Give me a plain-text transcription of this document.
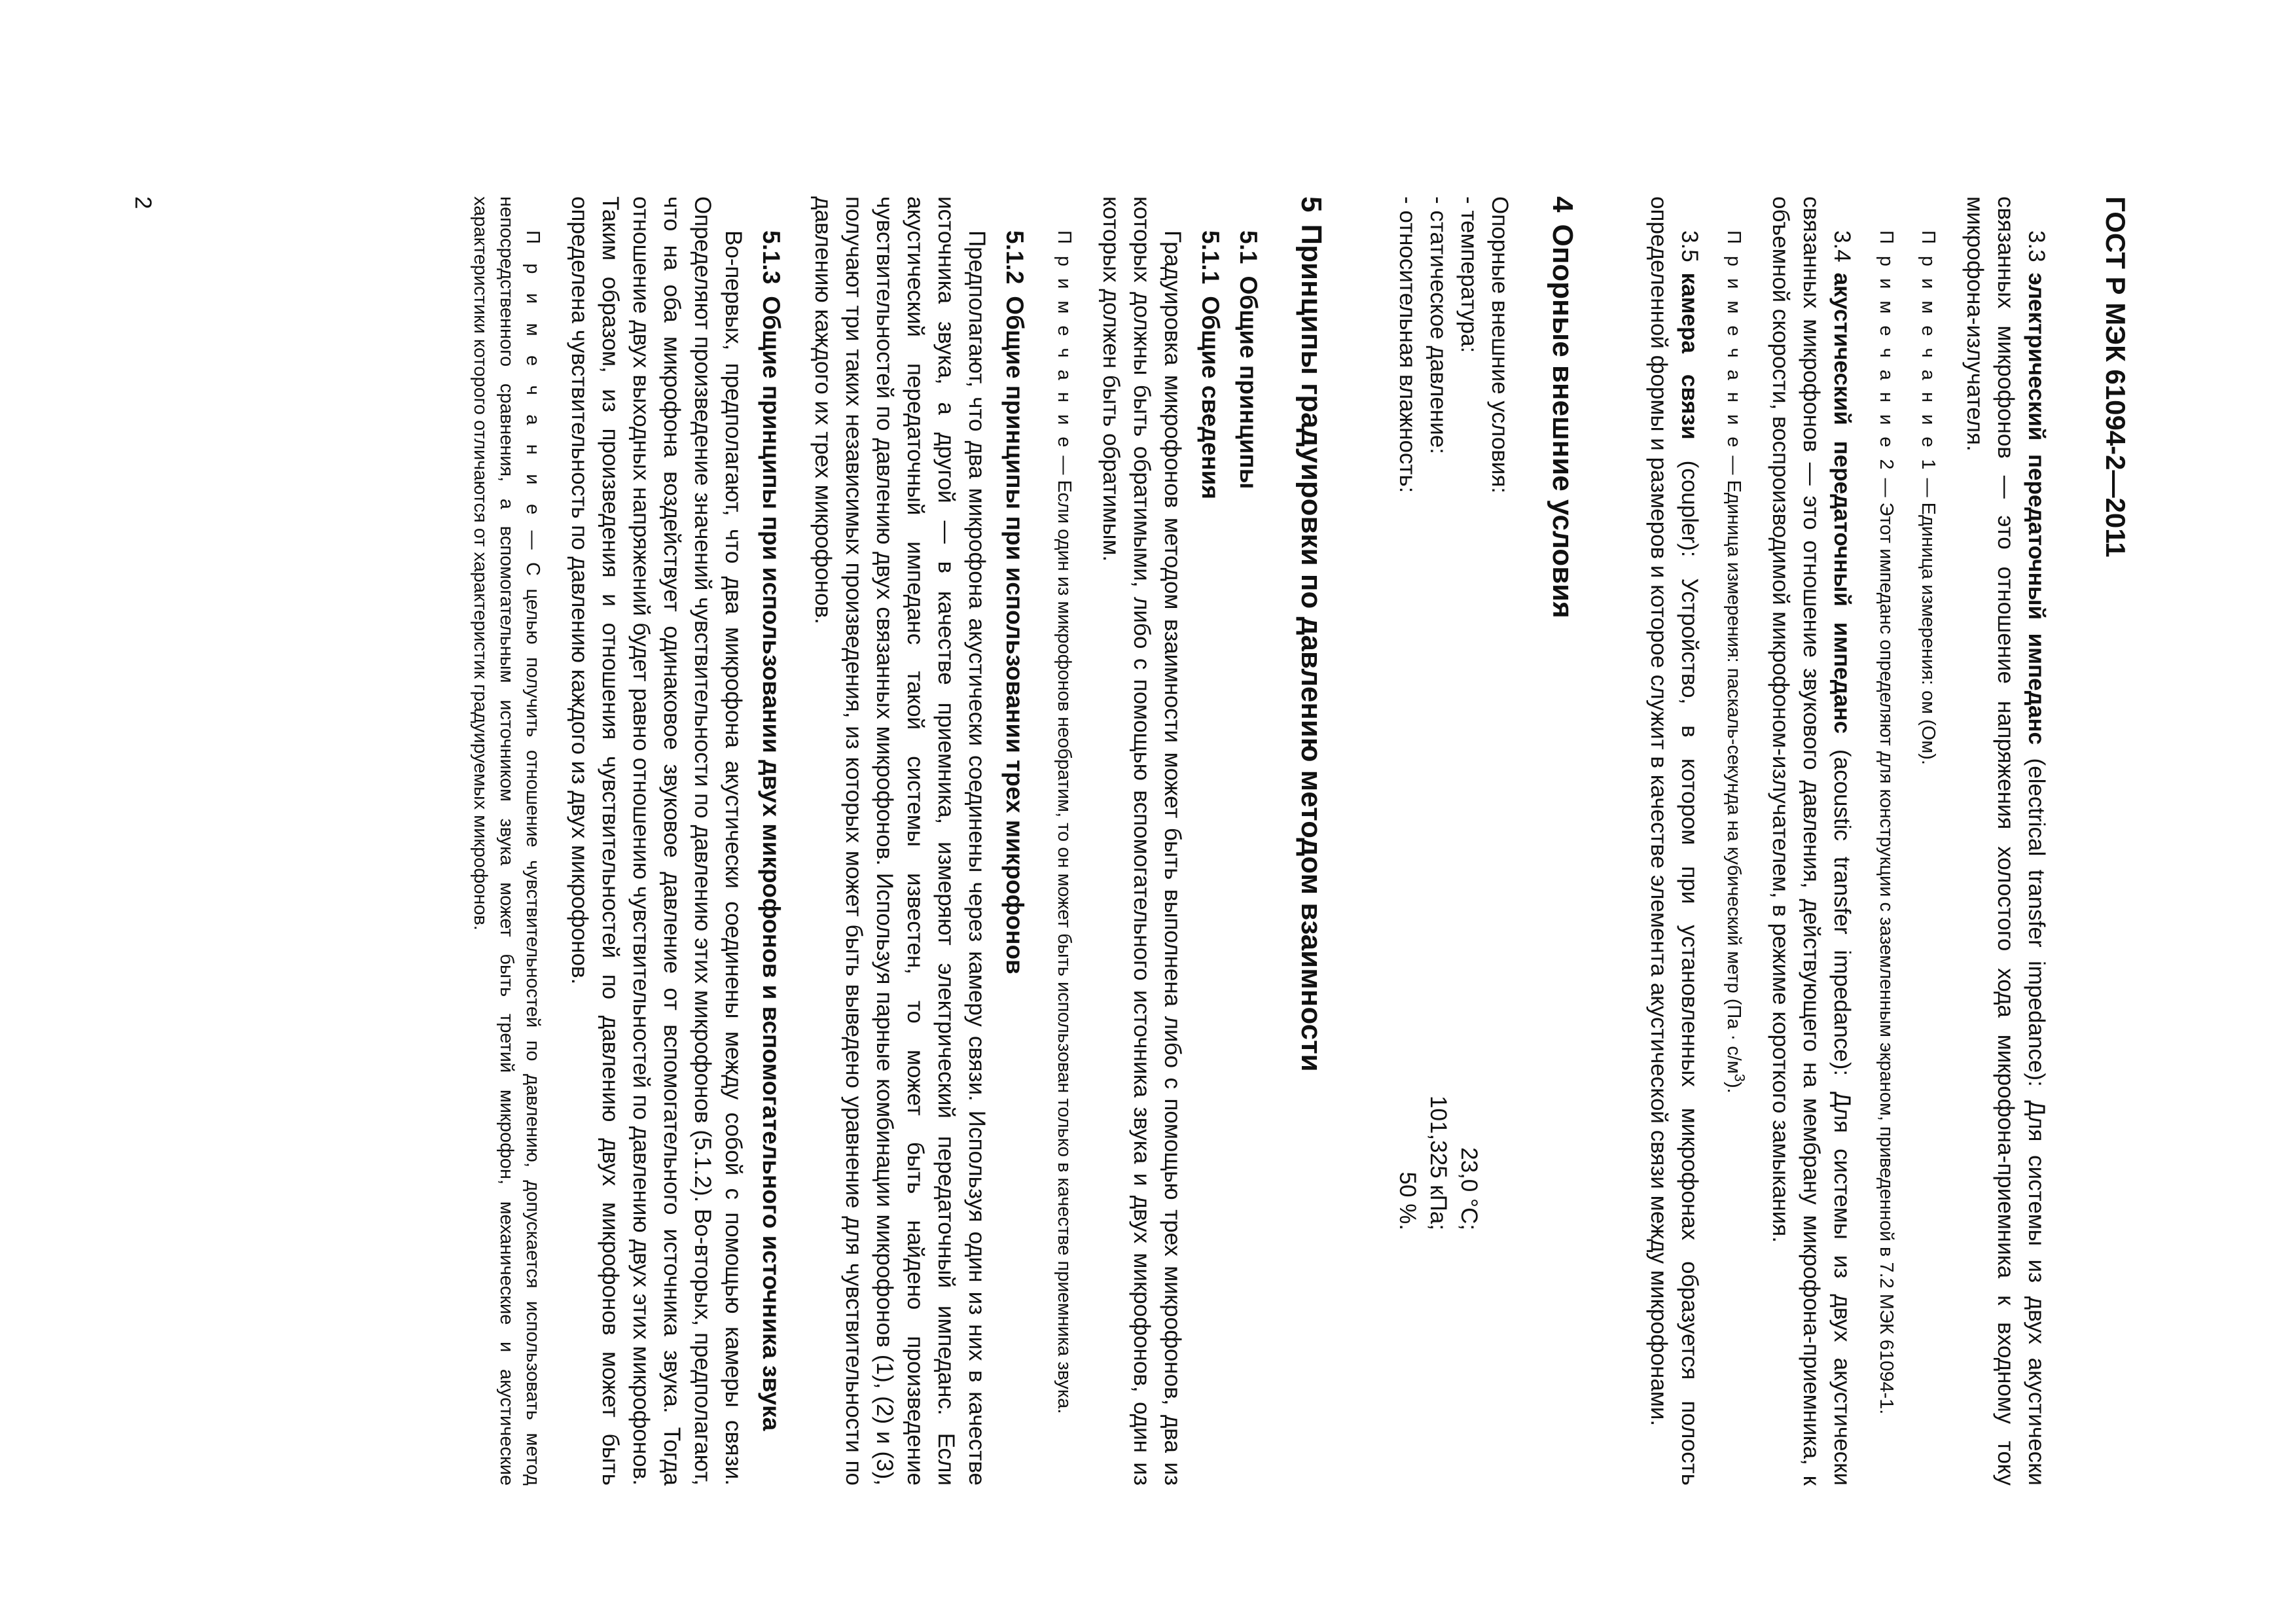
ГОСТ Р МЭК 61094-2—2011

3.3электрический передаточный импеданс (electrical transfer impedance): Для системы из двух акустически связанных микрофонов — это отношение напряжения холостого хода микрофона-приемника к входному току микрофона-излучателя.

П р и м е ч а н и е 1 — Единица измерения: ом (Ом).

П р и м е ч а н и е 2 — Этот импеданс определяют для конструкции с заземленным экраном, приведенной в 7.2 МЭК 61094-1.

3.4акустический передаточный импеданс (acoustic transfer impedance): Для системы из двух акустически связанных микрофонов — это отношение звукового давления, действующего на мембрану микрофона-приемника, к объемной скорости, воспроизводимой микрофоном-излучателем, в режиме короткого замыкания.

П р и м е ч а н и е — Единица измерения: паскаль-секунда на кубический метр $(Па \cdot с/м^3)$.

3.5камера связи (coupler): Устройство, в котором при установленных микрофонах образуется полость определенной формы и размеров и которое служит в качестве элемента акустической связи между микрофонами.

4Опорные внешние условия

Опорные внешние условия:

- температура:
23,0 °С;
- статическое давление:
101,325 кПа;
- относительная влажность:
50 %.
5Принципы градуировки по давлению методом взаимности
5.1Общие принципы
5.1.1Общие сведения

Градуировка микрофонов методом взаимности может быть выполнена либо с помощью трех микрофонов, два из которых должны быть обратимыми, либо с помощью вспомогательного источника звука и двух микрофонов, один из которых должен быть обратимым.

П р и м е ч а н и е — Если один из микрофонов необратим, то он может быть использован только в качестве приемника звука.

5.1.2Общие принципы при использовании трех микрофонов

Предполагают, что два микрофона акустически соединены через камеру связи. Используя один из них в качестве источника звука, а другой — в качестве приемника, измеряют электрический передаточный импеданс. Если акустический передаточный импеданс такой системы известен, то может быть найдено произведение чувствительностей по давлению двух связанных микрофонов. Используя парные комбинации микрофонов (1), (2) и (3), получают три таких независимых произведения, из которых может быть выведено уравнение для чувствительности по давлению каждого их трех микрофонов.

5.1.3Общие принципы при использовании двух микрофонов и вспомогательного источника звука

Во-первых, предполагают, что два микрофона акустически соединены между собой с помощью камеры связи. Определяют произведение значений чувствительности по давлению этих микрофонов (5.1.2). Во-вторых, предполагают, что на оба микрофона воздействует одинаковое звуковое давление от вспомогательного источника звука. Тогда отношение двух выходных напряжений будет равно отношению чувствительностей по давлению двух этих микрофонов. Таким образом, из произведения и отношения чувствительностей по давлению двух микрофонов может быть определена чувствительность по давлению каждого из двух микрофонов.

П р и м е ч а н и е — С целью получить отношение чувствительностей по давлению, допускается использовать метод непосредственного сравнения, а вспомогательным источником звука может быть третий микрофон, механические и акустические характеристики которого отличаются от характеристик градуируемых микрофонов.

2
